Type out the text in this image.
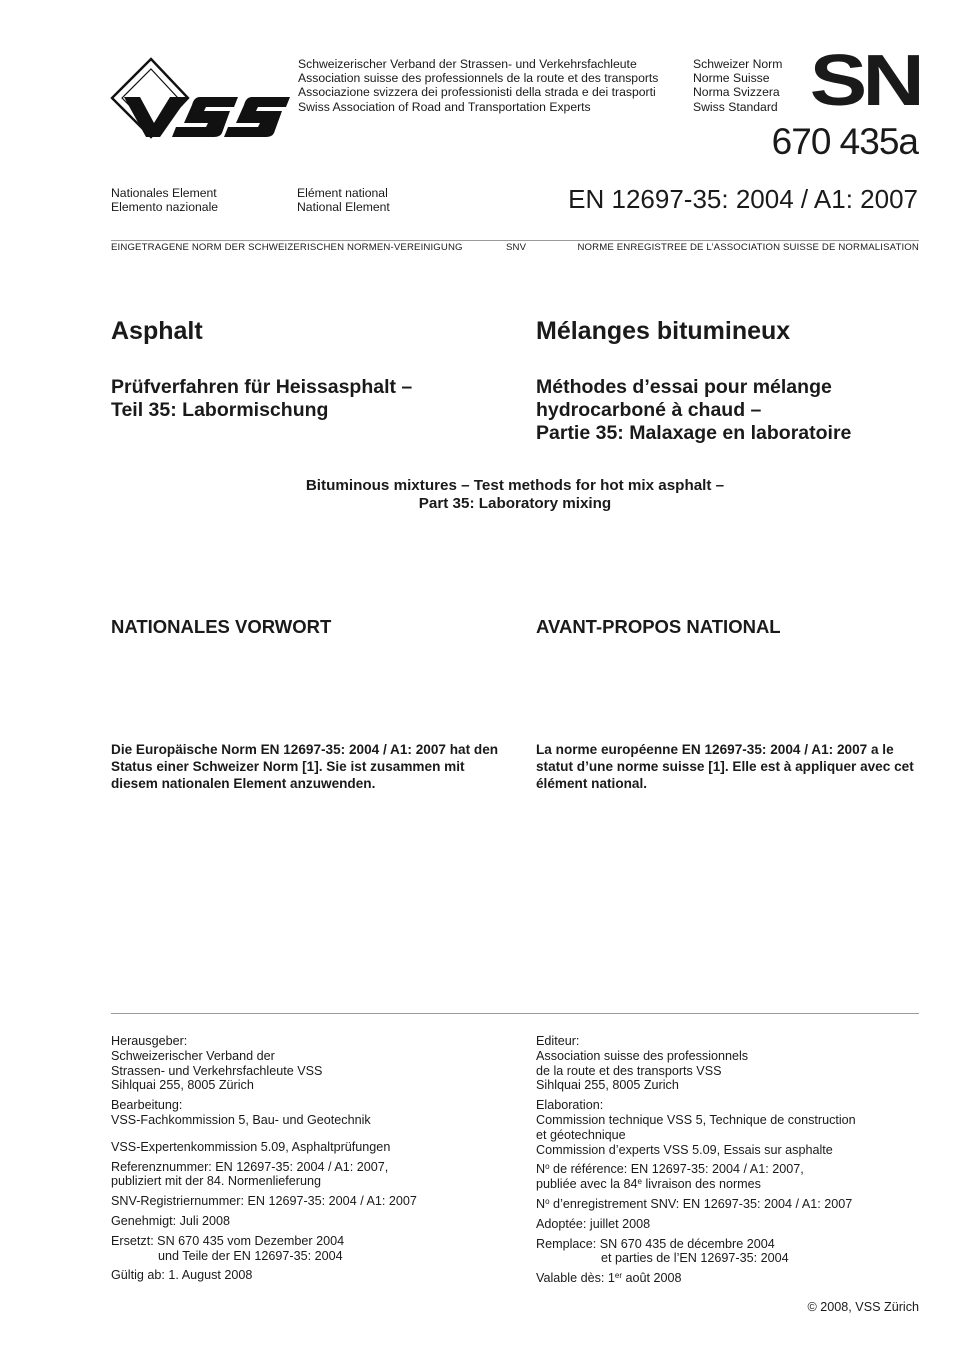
Schweizerischer Verband der Strassen- und Verkehrsfachleute
Association suisse des professionnels de la route et des transports
Associazione svizzera dei professionisti della strada e dei trasporti
Swiss Association of Road and Transportation Experts
Schweizer Norm
Norme Suisse
Norma Svizzera
Swiss Standard SN
670 435a
Nationales Element
Elemento nazionale
Elément national
National Element	EN 12697-35: 2004 / A1: 2007
EINGETRAGENE NORM DER SCHWEIZERISCHEN NORMEN-VEREINIGUNG	SNV	NORME ENREGISTREE DE L’ASSOCIATION SUISSE DE NORMALISATION
Asphalt	Mélanges bitumineux
Prüfverfahren für Heissasphalt –
Teil 35: Labormischung
Méthodes d’essai pour mélange
hydrocarboné à chaud –
Partie 35: Malaxage en laboratoire
Bituminous mixtures – Test methods for hot mix asphalt –
Part 35: Laboratory mixing
NATIONALES VORWORT	AVANT-PROPOS NATIONAL
Die Europäische Norm EN 12697-35: 2004 / A1: 2007 hat den Status einer Schweizer Norm [1]. Sie ist zusammen mit diesem nationalen Element anzuwenden.
La norme européenne EN 12697-35: 2004 / A1: 2007 a le statut d’une norme suisse [1]. Elle est à appliquer avec cet élément national.
Herausgeber:
Schweizerischer Verband der
Strassen- und Verkehrsfachleute VSS
Sihlquai 255, 8005 Zürich
Bearbeitung:
VSS-Fachkommission 5, Bau- und Geotechnik
VSS-Expertenkommission 5.09, Asphaltprüfungen
Referenznummer: EN 12697-35: 2004 / A1: 2007,
publiziert mit der 84. Normenlieferung
SNV-Registriernummer: EN 12697-35: 2004 / A1: 2007
Genehmigt: Juli 2008
Ersetzt: SN 670 435 vom Dezember 2004
und Teile der EN 12697-35: 2004
Gültig ab: 1. August 2008
Editeur:
Association suisse des professionnels
de la route et des transports VSS
Sihlquai 255, 8005 Zurich
Elaboration:
Commission technique VSS 5, Technique de construction
et géotechnique
Commission d’experts VSS 5.09, Essais sur asphalte
$N^o$ de référence: EN 12697-35: 2004 / A1: 2007,
publiée avec la 84e livraison des normes
$N^o$ d’enregistrement SNV: EN 12697-35: 2004 / A1: 2007
Adoptée: juillet 2008
Remplace: SN 670 435 de décembre 2004
et parties de l’EN 12697-35: 2004
Valable dès: 1er août 2008
© 2008, VSS Zürich
